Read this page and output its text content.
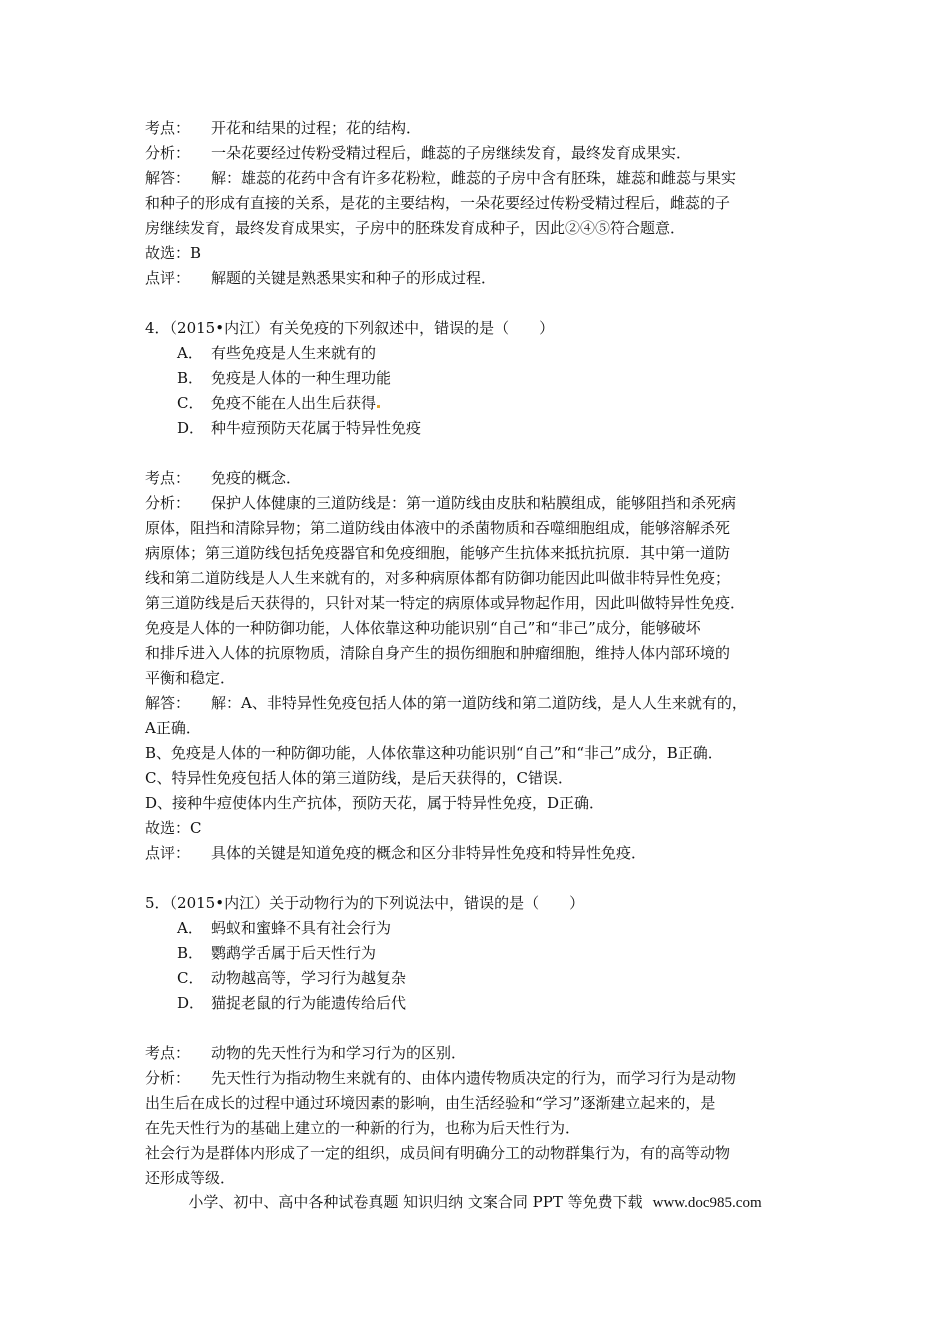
考点： 开花和结果的过程；花的结构．
分析： 一朵花要经过传粉受精过程后，雌蕊的子房继续发育，最终发育成果实．
解答： 解：雄蕊的花药中含有许多花粉粒，雌蕊的子房中含有胚珠，雄蕊和雌蕊与果实
和种子的形成有直接的关系，是花的主要结构，一朵花要经过传粉受精过程后，雌蕊的子
房继续发育，最终发育成果实，子房中的胚珠发育成种子，因此②④⑤符合题意．
故选：B
点评： 解题的关键是熟悉果实和种子的形成过程．
4．（2015•内江）有关免疫的下列叙述中，错误的是（　　）
A． 有些免疫是人生来就有的
B． 免疫是人体的一种生理功能
C． 免疫不能在人出生后获得
D． 种牛痘预防天花属于特异性免疫
考点： 免疫的概念．
分析： 保护人体健康的三道防线是：第一道防线由皮肤和粘膜组成，能够阻挡和杀死病
原体，阻挡和清除异物；第二道防线由体液中的杀菌物质和吞噬细胞组成，能够溶解杀死
病原体；第三道防线包括免疫器官和免疫细胞，能够产生抗体来抵抗抗原．其中第一道防
线和第二道防线是人人生来就有的，对多种病原体都有防御功能因此叫做非特异性免疫；
第三道防线是后天获得的，只针对某一特定的病原体或异物起作用，因此叫做特异性免疫．
免疫是人体的一种防御功能，人体依靠这种功能识别“自己”和“非己”成分，能够破坏
和排斥进入人体的抗原物质，清除自身产生的损伤细胞和肿瘤细胞，维持人体内部环境的
平衡和稳定．
解答： 解：A、非特异性免疫包括人体的第一道防线和第二道防线，是人人生来就有的，
A正确．
B、免疫是人体的一种防御功能，人体依靠这种功能识别“自己”和“非己”成分，B正确．
C、特异性免疫包括人体的第三道防线，是后天获得的，C错误．
D、接种牛痘使体内生产抗体，预防天花，属于特异性免疫，D正确．
故选：C
点评： 具体的关键是知道免疫的概念和区分非特异性免疫和特异性免疫．
5．（2015•内江）关于动物行为的下列说法中，错误的是（　　）
A． 蚂蚁和蜜蜂不具有社会行为
B． 鹦鹉学舌属于后天性行为
C． 动物越高等，学习行为越复杂
D． 猫捉老鼠的行为能遗传给后代
考点： 动物的先天性行为和学习行为的区别．
分析： 先天性行为指动物生来就有的、由体内遗传物质决定的行为，而学习行为是动物
出生后在成长的过程中通过环境因素的影响，由生活经验和“学习”逐渐建立起来的，是
在先天性行为的基础上建立的一种新的行为，也称为后天性行为．
社会行为是群体内形成了一定的组织，成员间有明确分工的动物群集行为，有的高等动物
还形成等级．
小学、初中、高中各种试卷真题 知识归纳 文案合同 PPT 等免费下载 www.doc985.com
